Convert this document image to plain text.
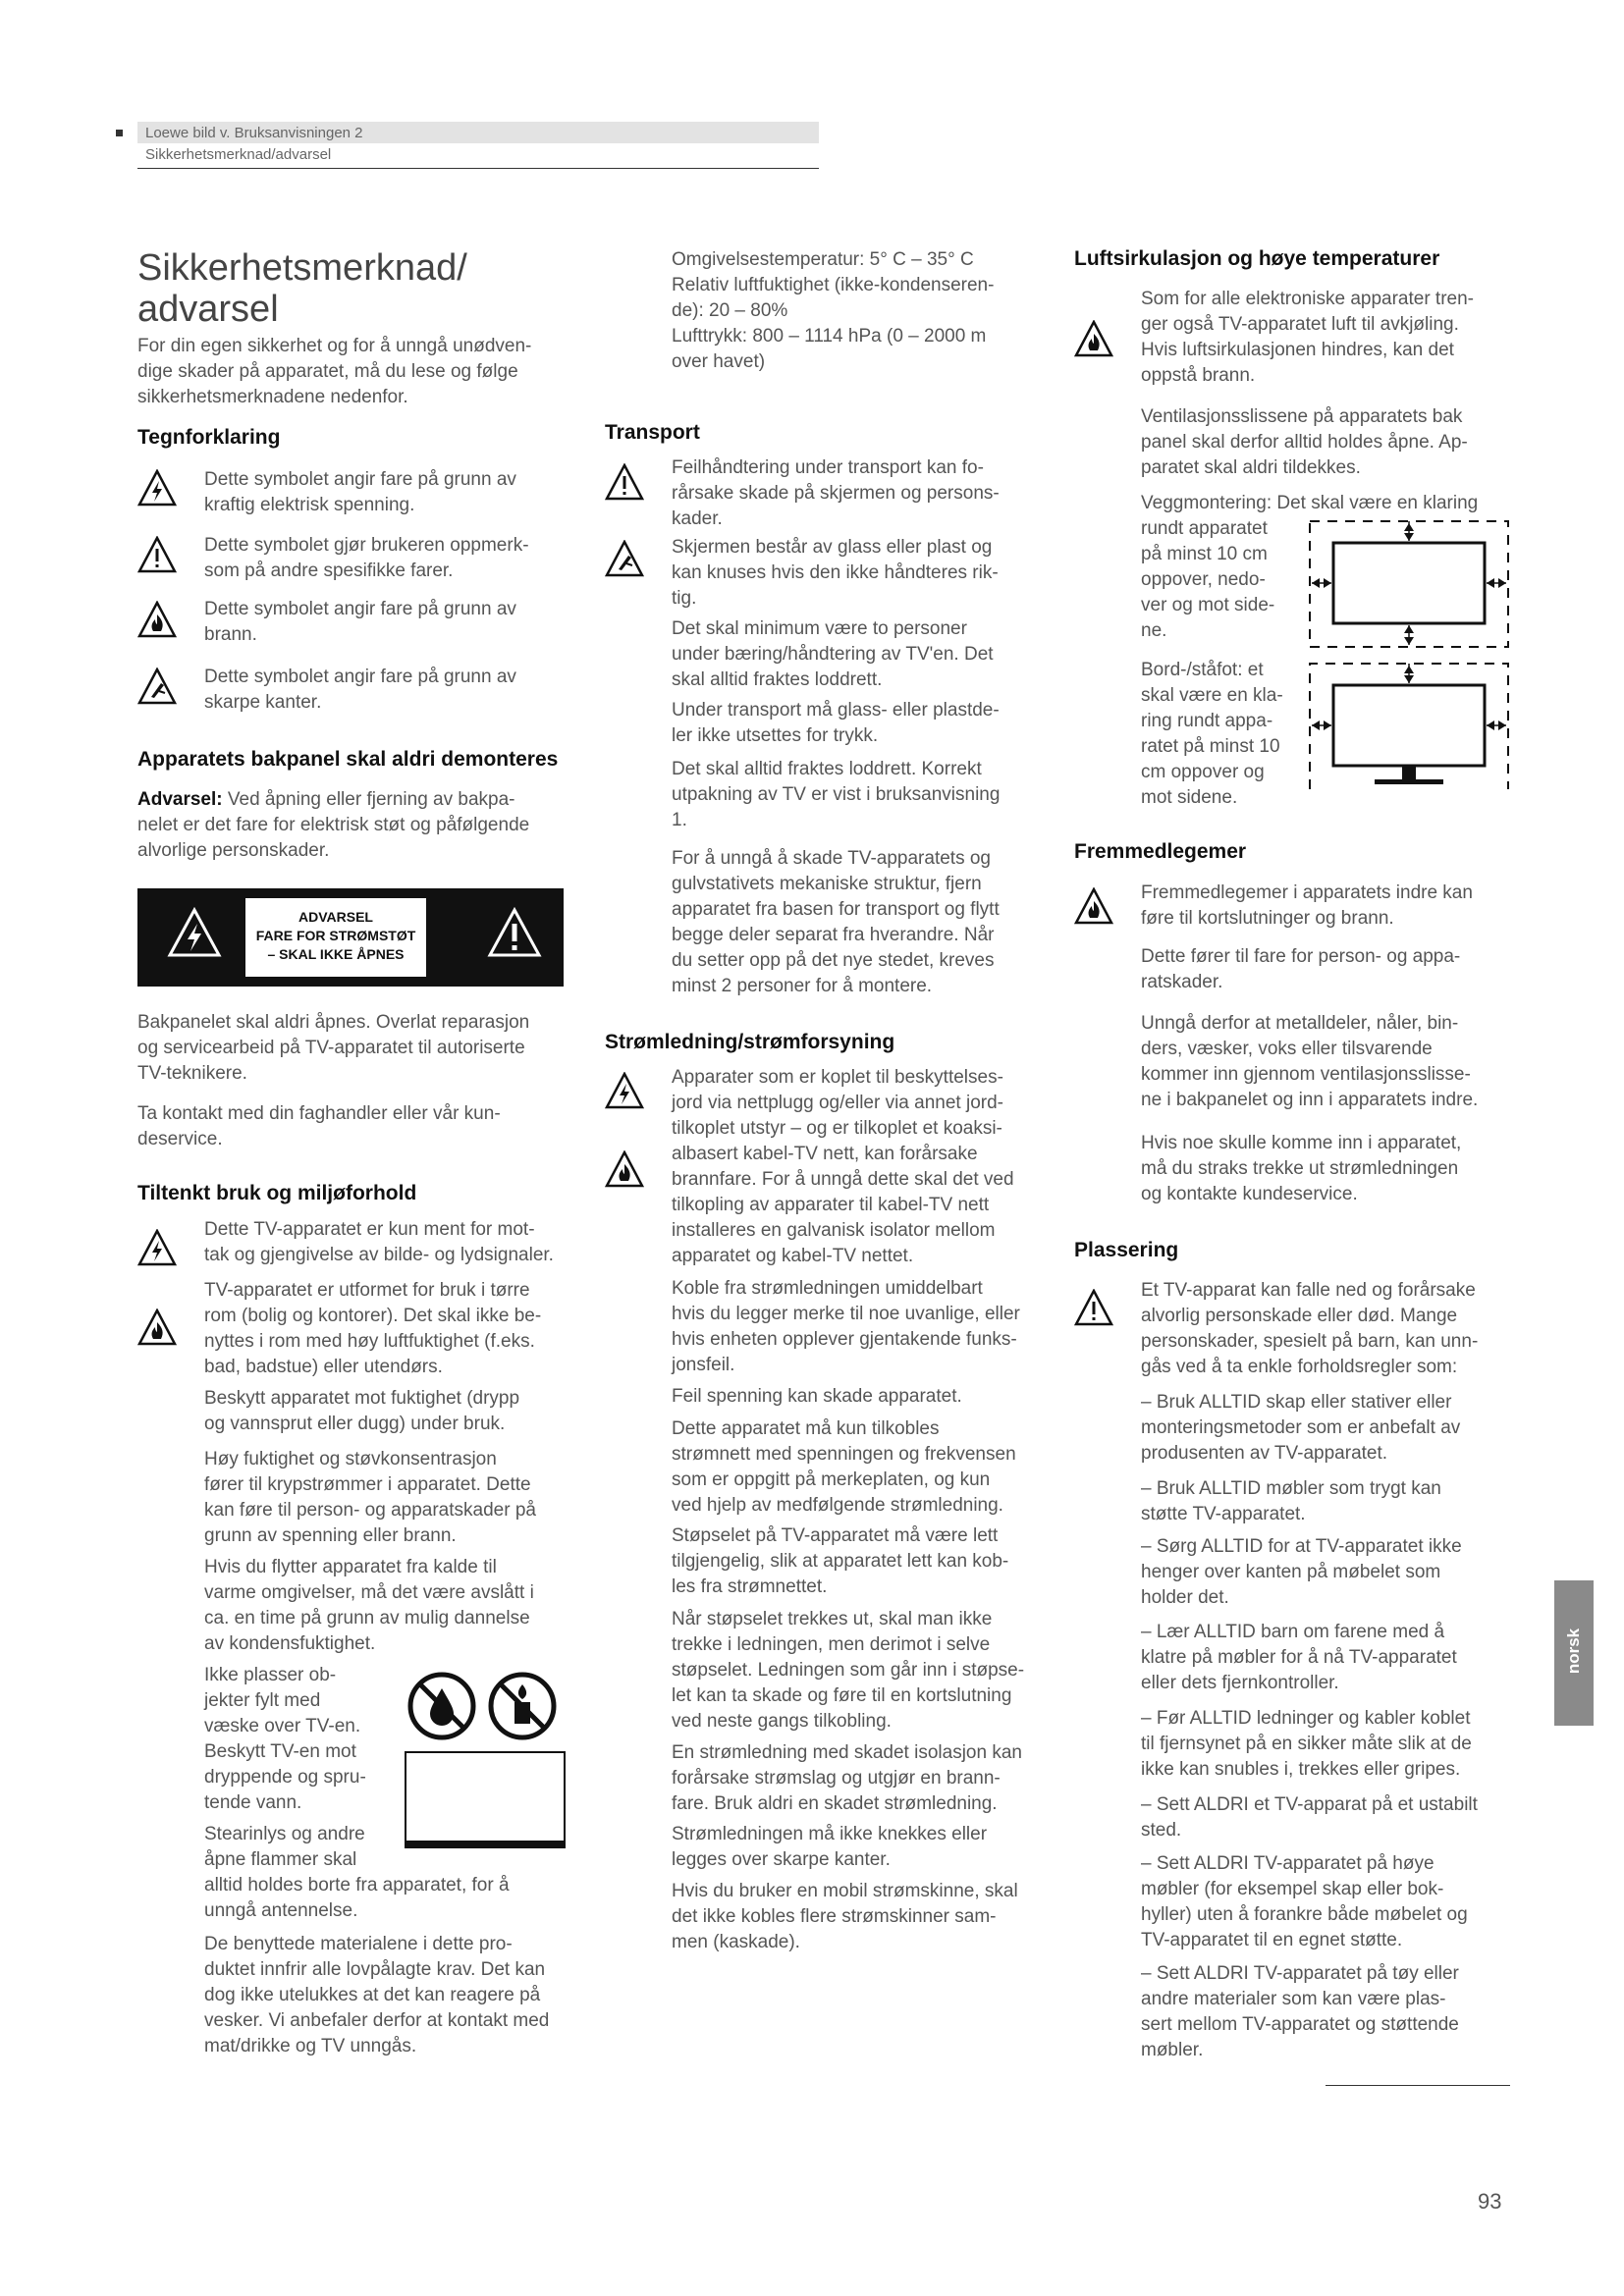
Loewe bild v. Bruksanvisningen 2
Sikkerhetsmerknad/advarsel
Sikkerhetsmerknad/
advarsel

For din egen sikkerhet og for å unngå unødven-
dige skader på apparatet, må du lese og følge
sikkerhetsmerknadene nedenfor.

Tegnforklaring

Dette symbolet angir fare på grunn av
kraftig elektrisk spenning.

Dette symbolet gjør brukeren oppmerk-
som på andre spesifikke farer.

Dette symbolet angir fare på grunn av
brann.

Dette symbolet angir fare på grunn av
skarpe kanter.

Apparatets bakpanel skal aldri demonteres

Advarsel: Ved åpning eller fjerning av bakpa-
nelet er det fare for elektrisk støt og påfølgende
alvorlige personskader.

ADVARSEL
FARE FOR STRØMSTØT
– SKAL IKKE ÅPNES

Bakpanelet skal aldri åpnes. Overlat reparasjon
og servicearbeid på TV-apparatet til autoriserte
TV-teknikere.

Ta kontakt med din faghandler eller vår kun-
deservice.

Tiltenkt bruk og miljøforhold

Dette TV-apparatet er kun ment for mot-
tak og gjengivelse av bilde- og lydsignaler.

TV-apparatet er utformet for bruk i tørre
rom (bolig og kontorer). Det skal ikke be-
nyttes i rom med høy luftfuktighet (f.eks.
bad, badstue) eller utendørs.

Beskytt apparatet mot fuktighet (drypp
og vannsprut eller dugg) under bruk.

Høy fuktighet og støvkonsentrasjon
fører til krypstrømmer i apparatet. Dette
kan føre til person- og apparatskader på
grunn av spenning eller brann.

Hvis du flytter apparatet fra kalde til
varme omgivelser, må det være avslått i
ca. en time på grunn av mulig dannelse
av kondensfuktighet.

Ikke plasser ob-
jekter fylt med
væske over TV-en.
Beskytt TV-en mot
dryppende og spru-
tende vann.

Stearinlys og andre
åpne flammer skal
alltid holdes borte fra apparatet, for å
unngå antennelse.

De benyttede materialene i dette pro-
duktet innfrir alle lovpålagte krav. Det kan
dog ikke utelukkes at det kan reagere på
vesker. Vi anbefaler derfor at kontakt med
mat/drikke og TV unngås.

Omgivelsestemperatur: 5° C – 35° C
Relativ luftfuktighet (ikke-kondenseren-
de): 20 – 80%
Lufttrykk: 800 – 1114 hPa (0 – 2000 m
over havet)

Transport

Feilhåndtering under transport kan fo-
rårsake skade på skjermen og persons-
kader.

Skjermen består av glass eller plast og
kan knuses hvis den ikke håndteres rik-
tig.

Det skal minimum være to personer
under bæring/håndtering av TV'en. Det
skal alltid fraktes loddrett.

Under transport må glass- eller plastde-
ler ikke utsettes for trykk.

Det skal alltid fraktes loddrett. Korrekt
utpakning av TV er vist i bruksanvisning
1.

For å unngå å skade TV-apparatets og
gulvstativets mekaniske struktur, fjern
apparatet fra basen for transport og flytt
begge deler separat fra hverandre. Når
du setter opp på det nye stedet, kreves
minst 2 personer for å montere.

Strømledning/strømforsyning

Apparater som er koplet til beskyttelses-
jord via nettplugg og/eller via annet jord-
tilkoplet utstyr – og er tilkoplet et koaksi-
albasert kabel-TV nett, kan forårsake
brannfare. For å unngå dette skal det ved
tilkopling av apparater til kabel-TV nett
installeres en galvanisk isolator mellom
apparatet og kabel-TV nettet.

Koble fra strømledningen umiddelbart
hvis du legger merke til noe uvanlige, eller
hvis enheten opplever gjentakende funks-
jonsfeil.

Feil spenning kan skade apparatet.

Dette apparatet må kun tilkobles
strømnett med spenningen og frekvensen
som er oppgitt på merkeplaten, og kun
ved hjelp av medfølgende strømledning.

Støpselet på TV-apparatet må være lett
tilgjengelig, slik at apparatet lett kan kob-
les fra strømnettet.

Når støpselet trekkes ut, skal man ikke
trekke i ledningen, men derimot i selve
støpselet. Ledningen som går inn i støpse-
let kan ta skade og føre til en kortslutning
ved neste gangs tilkobling.

En strømledning med skadet isolasjon kan
forårsake strømslag og utgjør en brann-
fare. Bruk aldri en skadet strømledning.

Strømledningen må ikke knekkes eller
legges over skarpe kanter.

Hvis du bruker en mobil strømskinne, skal
det ikke kobles flere strømskinner sam-
men (kaskade).

Luftsirkulasjon og høye temperaturer

Som for alle elektroniske apparater tren-
ger også TV-apparatet luft til avkjøling.
Hvis luftsirkulasjonen hindres, kan det
oppstå brann.

Ventilasjonsslissene på apparatets bak
panel skal derfor alltid holdes åpne. Ap-
paratet skal aldri tildekkes.

Veggmontering: Det skal være en klaring

rundt apparatet
på minst 10 cm
oppover, nedo-
ver og mot side-
ne.

Bord-/ståfot: et
skal være en kla-
ring rundt appa-
ratet på minst 10
cm oppover og
mot sidene.

Fremmedlegemer

Fremmedlegemer i apparatets indre kan
føre til kortslutninger og brann.

Dette fører til fare for person- og appa-
ratskader.

Unngå derfor at metalldeler, nåler, bin-
ders, væsker, voks eller tilsvarende
kommer inn gjennom ventilasjonsslisse-
ne i bakpanelet og inn i apparatets indre.

Hvis noe skulle komme inn i apparatet,
må du straks trekke ut strømledningen
og kontakte kundeservice.

Plassering

Et TV-apparat kan falle ned og forårsake
alvorlig personskade eller død. Mange
personskader, spesielt på barn, kan unn-
gås ved å ta enkle forholdsregler som:

– Bruk ALLTID skap eller stativer eller
monteringsmetoder som er anbefalt av
produsenten av TV-apparatet.

– Bruk ALLTID møbler som trygt kan
støtte TV-apparatet.

– Sørg ALLTID for at TV-apparatet ikke
henger over kanten på møbelet som
holder det.

– Lær ALLTID barn om farene med å
klatre på møbler for å nå TV-apparatet
eller dets fjernkontroller.

– Før ALLTID ledninger og kabler koblet
til fjernsynet på en sikker måte slik at de
ikke kan snubles i, trekkes eller gripes.

– Sett ALDRI et TV-apparat på et ustabilt
sted.

– Sett ALDRI TV-apparatet på høye
møbler (for eksempel skap eller bok-
hyller) uten å forankre både møbelet og
TV-apparatet til en egnet støtte.

– Sett ALDRI TV-apparatet på tøy eller
andre materialer som kan være plas-
sert mellom TV-apparatet og støttende
møbler.

norsk
93
